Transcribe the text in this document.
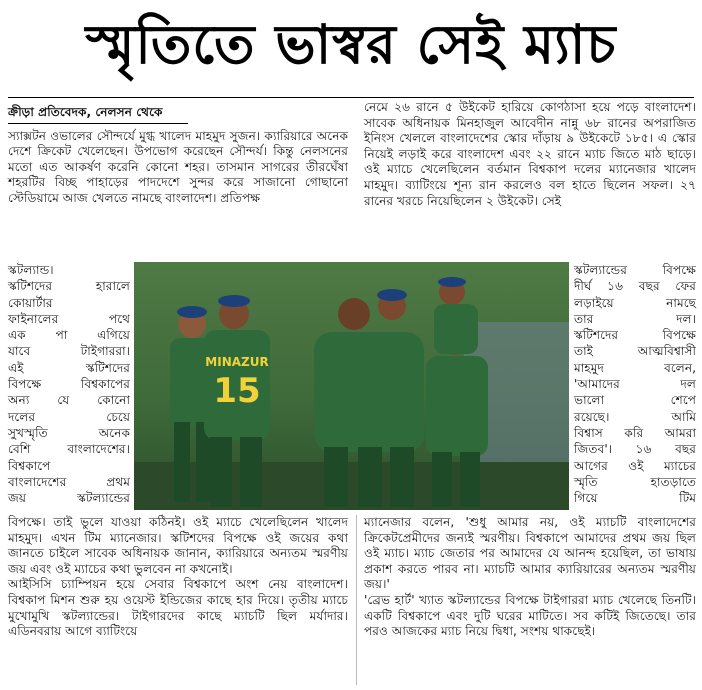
স্মৃতিতে ভাস্বর সেই ম্যাচ

ক্রীড়া প্রতিবেদক, নেলসন থেকে

স্যাক্সটন ওভালের সৌন্দর্যে মুগ্ধ খালেদ মাহমুদ সুজন। ক্যারিয়ারে অনেক দেশে ক্রিকেট খেলেছেন। উপভোগ করেছেন সৌন্দর্য। কিন্তু নেলসনের মতো এত আকর্ষণ করেনি কোনো শহর। তাসমান সাগরের তীরঘেঁষা শহরটির বিচ্ছ পাহাড়ের পাদদেশে সুন্দর করে সাজানো গোছানো স্টেডিয়ামে আজ খেলতে নামছে বাংলাদেশ। প্রতিপক্ষ

নেমে ২৬ রানে ৫ উইকেট হারিয়ে কোণঠাসা হয়ে পড়ে বাংলাদেশ। সাবেক অধিনায়ক মিনহাজুল আবেদীন নান্নু ৬৮ রানের অপরাজিত ইনিংস খেললে বাংলাদেশের স্কোর দাঁড়ায় ৯ উইকেটে ১৮৫। এ স্কোর নিয়েই লড়াই করে বাংলাদেশ এবং ২২ রানে ম্যাচ জিতে মাঠ ছাড়ে। ওই ম্যাচে খেলেছিলেন বর্তমান বিশ্বকাপ দলের ম্যানেজার খালেদ মাহমুদ। ব্যাটিংয়ে শূন্য রান করলেও বল হাতে ছিলেন সফল। ২৭ রানের খরচে নিয়েছিলেন ২ উইকেট। সেই

স্কটল্যান্ড।

স্কটিশদের হারালে

কোয়ার্টার

ফাইনালের পথে

এক পা এগিয়ে

যাবে টাইগাররা।

এই স্কটিশদের

বিপক্ষে বিশ্বকাপের

অন্য যে কোনো

দলের চেয়ে

সুখস্মৃতি অনেক

বেশি বাংলাদেশের।

বিশ্বকাপে

বাংলাদেশের প্রথম

জয় স্কটল্যান্ডের

MINAZUR
15

স্কটল্যান্ডের বিপক্ষে

দীর্ঘ ১৬ বছর ফের

লড়াইয়ে নামছে

তার দল।

স্কটিশদের বিপক্ষে

তাই আত্মবিশ্বাসী

মাহমুদ বলেন,

'আমাদের দল

ভালো শেপে

রয়েছে। আমি

বিশ্বাস করি আমরা

জিতব'। ১৬ বছর

আগের ওই ম্যাচের

স্মৃতি হাতড়াতে

গিয়ে টিম

বিপক্ষে। তাই ভুলে যাওয়া কঠিনই। ওই ম্যাচে খেলেছিলেন খালেদ মাহমুদ। এখন টিম ম্যানেজার। স্কটিশদের বিপক্ষে ওই জয়ের কথা জানতে চাইলে সাবেক অধিনায়ক জানান, ক্যারিয়ারে অন্যতম স্মরণীয় জয় এবং ওই ম্যাচের কথা ভুলবেন না কখনোই।

আইসিসি চ্যাম্পিয়ন হয়ে সেবার বিশ্বকাপে অংশ নেয় বাংলাদেশ। বিশ্বকাপ মিশন শুরু হয় ওয়েস্ট ইন্ডিজের কাছে হার দিয়ে। তৃতীয় ম্যাচে মুখোমুখি স্কটল্যান্ডের। টাইগারদের কাছে ম্যাচটি ছিল মর্যাদার। এডিনবরায় আগে ব্যাটিংয়ে

ম্যানেজার বলেন, 'শুধু আমার নয়, ওই ম্যাচটি বাংলাদেশের ক্রিকেটপ্রেমীদের জন্যই স্মরণীয়। বিশ্বকাপে আমাদের প্রথম জয় ছিল ওই ম্যাচ। ম্যাচ জেতার পর আমাদের যে আনন্দ হয়েছিল, তা ভাষায় প্রকাশ করতে পারব না। ম্যাচটি আমার ক্যারিয়ারের অন্যতম স্মরণীয় জয়।'

'ব্রেভ হার্ট' খ্যাত স্কটল্যান্ডের বিপক্ষে টাইগাররা ম্যাচ খেলেছে তিনটি। একটি বিশ্বকাপে এবং দুটি ঘরের মাটিতে। সব কটিই জিতেছে। তার পরও আজকের ম্যাচ নিয়ে দ্বিধা, সংশয় থাকছেই।
